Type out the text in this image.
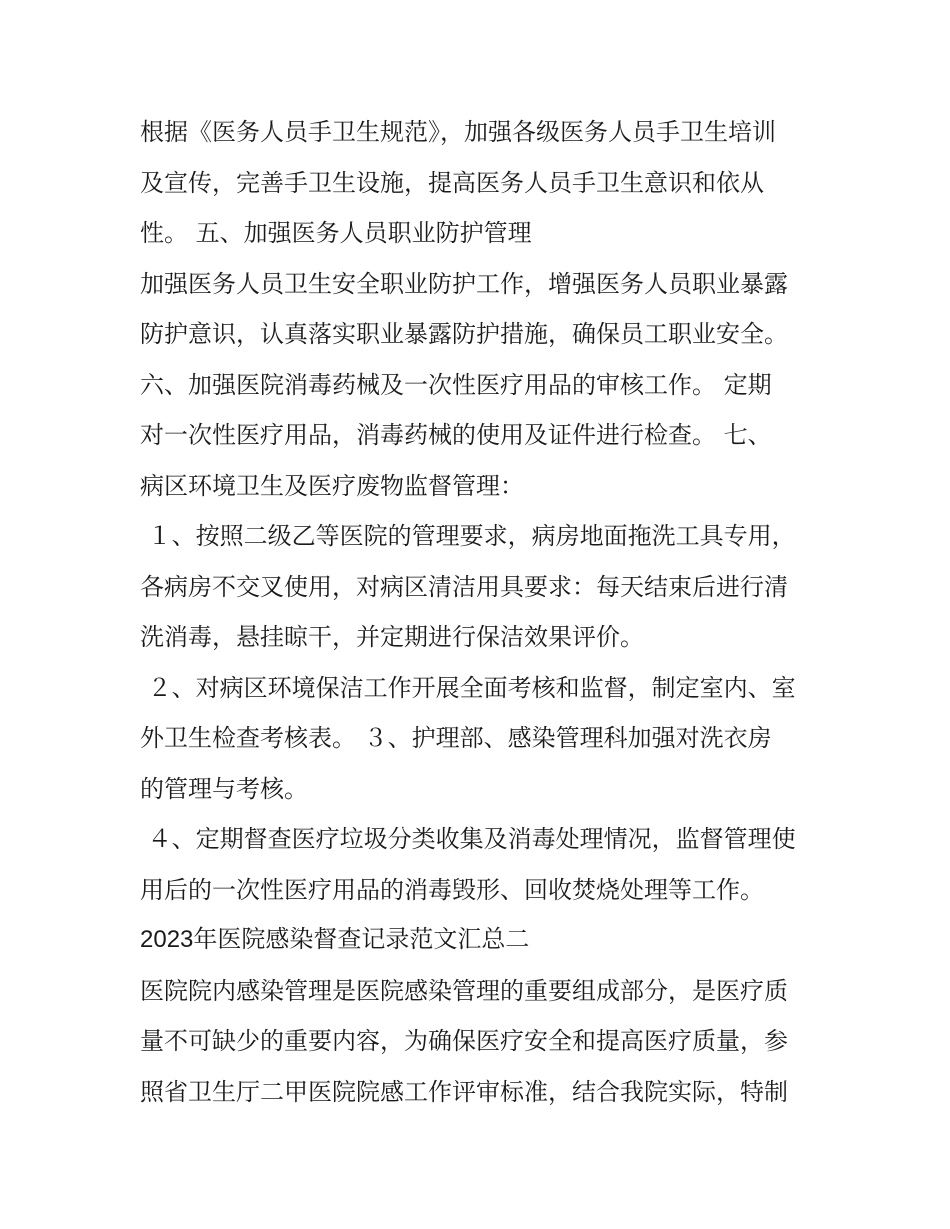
根据《医务人员手卫生规范》，加强各级医务人员手卫生培训
及宣传，完善手卫生设施，提高医务人员手卫生意识和依从
性。 五、加强医务人员职业防护管理
加强医务人员卫生安全职业防护工作，增强医务人员职业暴露
防护意识，认真落实职业暴露防护措施，确保员工职业安全。
六、加强医院消毒药械及一次性医疗用品的审核工作。 定期
对一次性医疗用品，消毒药械的使用及证件进行检查。 七、
病区环境卫生及医疗废物监督管理：
１、按照二级乙等医院的管理要求，病房地面拖洗工具专用，
各病房不交叉使用，对病区清洁用具要求：每天结束后进行清
洗消毒，悬挂晾干，并定期进行保洁效果评价。
２、对病区环境保洁工作开展全面考核和监督，制定室内、室
外卫生检查考核表。 ３、护理部、感染管理科加强对洗衣房
的管理与考核。
４、定期督查医疗垃圾分类收集及消毒处理情况，监督管理使
用后的一次性医疗用品的消毒毁形、回收焚烧处理等工作。
2023年医院感染督查记录范文汇总二
医院院内感染管理是医院感染管理的重要组成部分，是医疗质
量不可缺少的重要内容，为确保医疗安全和提高医疗质量，参
照省卫生厅二甲医院院感工作评审标准，结合我院实际，特制
